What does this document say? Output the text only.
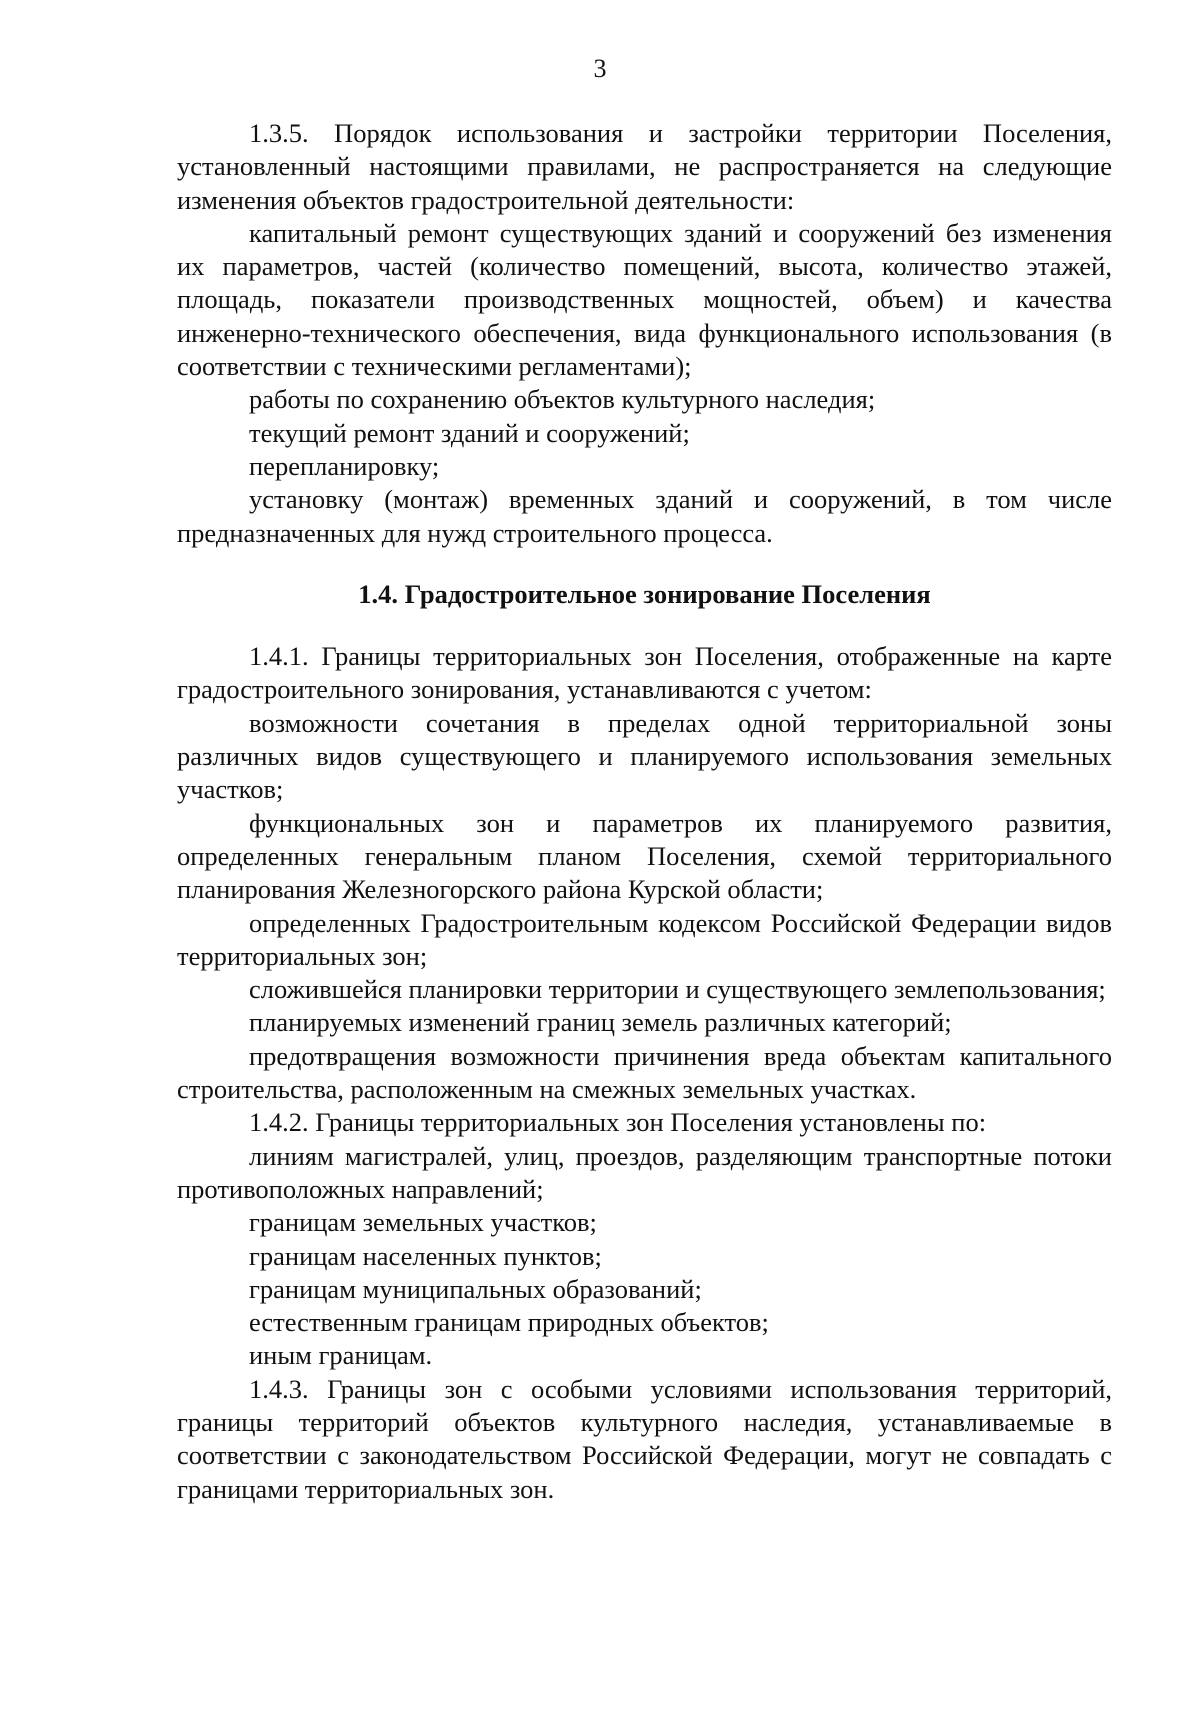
3

1.3.5. Порядок использования и застройки территории Поселения, установленный настоящими правилами, не распространяется на следующие изменения объектов градостроительной деятельности:

капитальный ремонт существующих зданий и сооружений без изменения их параметров, частей (количество помещений, высота, количество этажей, площадь, показатели производственных мощностей, объем) и качества инженерно-технического обеспечения, вида функционального использования (в соответствии с техническими регламентами);

работы по сохранению объектов культурного наследия;

текущий ремонт зданий и сооружений;

перепланировку;

установку (монтаж) временных зданий и сооружений, в том числе предназначенных для нужд строительного процесса.

1.4. Градостроительное зонирование Поселения

1.4.1. Границы территориальных зон Поселения, отображенные на карте градостроительного зонирования, устанавливаются с учетом:

возможности сочетания в пределах одной территориальной зоны различных видов существующего и планируемого использования земельных участков;

функциональных зон и параметров их планируемого развития, определенных генеральным планом Поселения, схемой территориального планирования Железногорского района Курской области;

определенных Градостроительным кодексом Российской Федерации видов территориальных зон;

сложившейся планировки территории и существующего землепользования;

планируемых изменений границ земель различных категорий;

предотвращения возможности причинения вреда объектам капитального строительства, расположенным на смежных земельных участках.

1.4.2. Границы территориальных зон Поселения установлены по:

линиям магистралей, улиц, проездов, разделяющим транспортные потоки противоположных направлений;

границам земельных участков;

границам населенных пунктов;

границам муниципальных образований;

естественным границам природных объектов;

иным границам.

1.4.3. Границы зон с особыми условиями использования территорий, границы территорий объектов культурного наследия, устанавливаемые в соответствии с законодательством Российской Федерации, могут не совпадать с границами территориальных зон.
